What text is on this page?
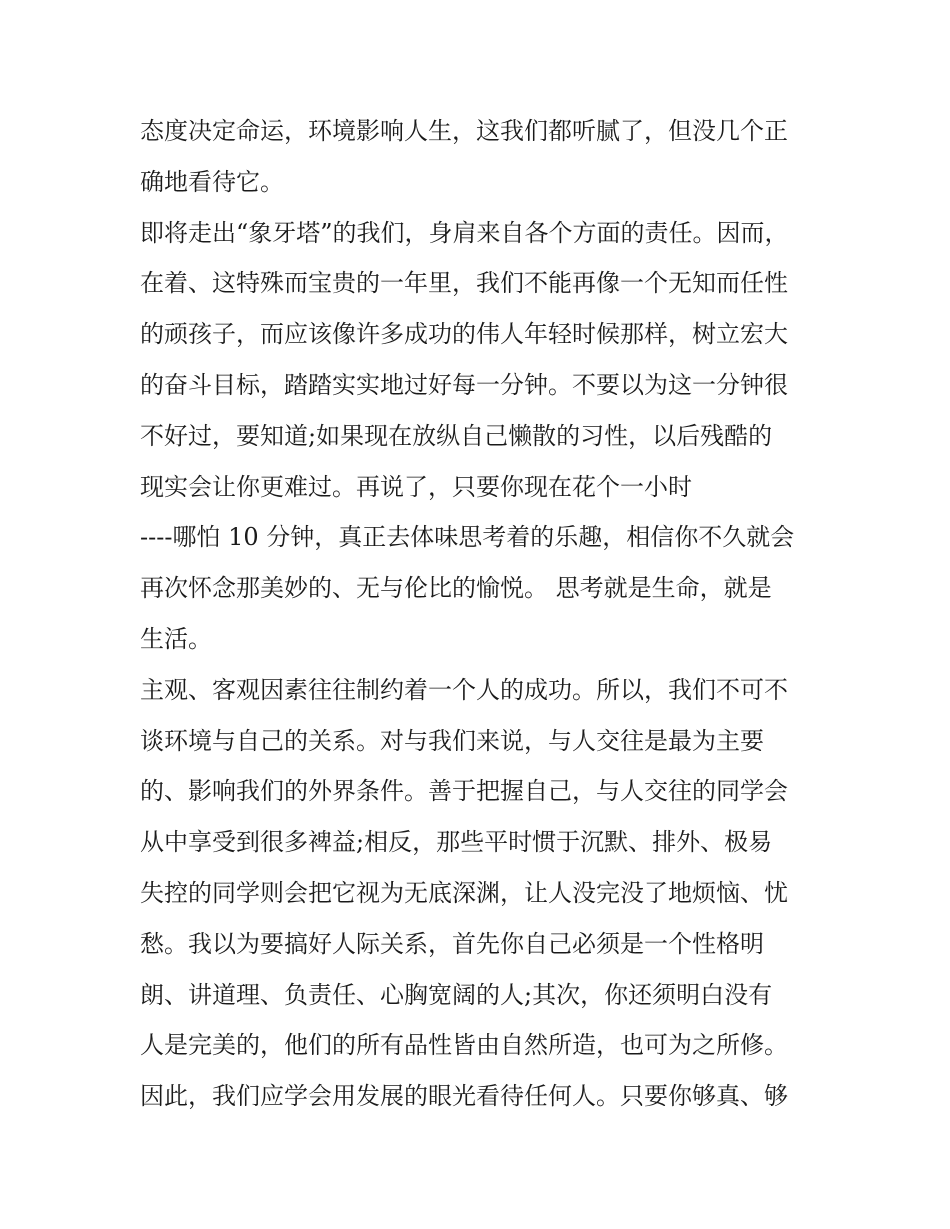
态度决定命运，环境影响人生，这我们都听腻了，但没几个正
确地看待它。
即将走出“象牙塔”的我们，身肩来自各个方面的责任。因而，
在着、这特殊而宝贵的一年里，我们不能再像一个无知而任性
的顽孩子，而应该像许多成功的伟人年轻时候那样，树立宏大
的奋斗目标，踏踏实实地过好每一分钟。不要以为这一分钟很
不好过，要知道;如果现在放纵自己懒散的习性，以后残酷的
现实会让你更难过。再说了，只要你现在花个一小时
----哪怕 10 分钟，真正去体味思考着的乐趣，相信你不久就会
再次怀念那美妙的、无与伦比的愉悦。 思考就是生命，就是
生活。
主观、客观因素往往制约着一个人的成功。所以，我们不可不
谈环境与自己的关系。对与我们来说，与人交往是最为主要
的、影响我们的外界条件。善于把握自己，与人交往的同学会
从中享受到很多裨益;相反，那些平时惯于沉默、排外、极易
失控的同学则会把它视为无底深渊，让人没完没了地烦恼、忧
愁。我以为要搞好人际关系，首先你自己必须是一个性格明
朗、讲道理、负责任、心胸宽阔的人;其次，你还须明白没有
人是完美的，他们的所有品性皆由自然所造，也可为之所修。
因此，我们应学会用发展的眼光看待任何人。只要你够真、够
